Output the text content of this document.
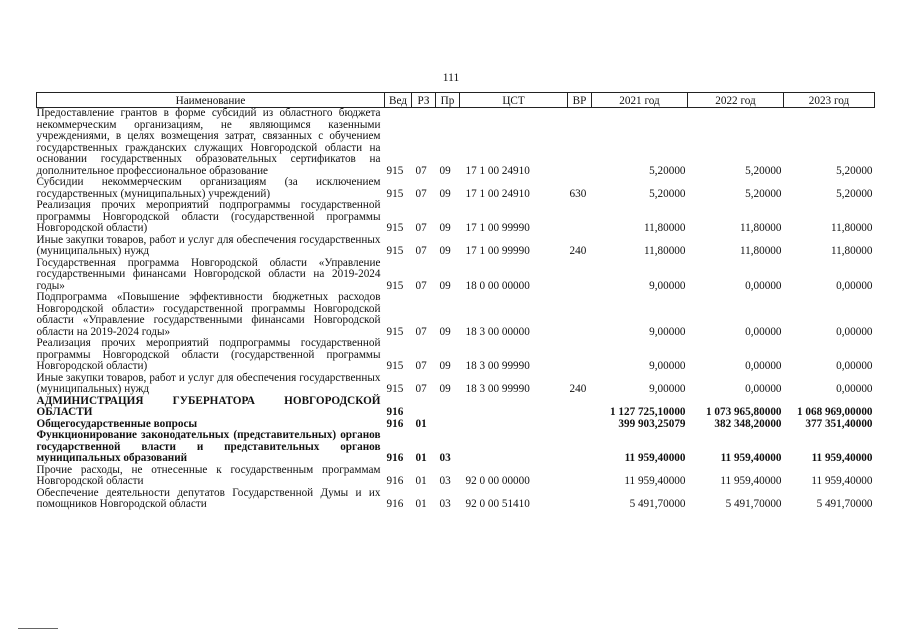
111
Наименование	Вед	РЗ	Пр	ЦСТ	ВР	2021 год	2022 год	2023 год
Предоставление грантов в форме субсидий из областного бюджета некоммерческим организациям, не являющимся казенными учреждениями, в целях возмещения затрат, связанных с обучением государственных гражданских служащих Новгородской области на основании государственных образовательных сертификатов на дополнительное профессиональное образование	915	07	09	17 1 00 24910		5,20000	5,20000	5,20000
Субсидии некоммерческим организациям (за исключением государственных (муниципальных) учреждений)	915	07	09	17 1 00 24910	630	5,20000	5,20000	5,20000
Реализация прочих мероприятий подпрограммы государственной программы Новгородской области (государственной программы Новгородской области)	915	07	09	17 1 00 99990		11,80000	11,80000	11,80000
Иные закупки товаров, работ и услуг для обеспечения государственных (муниципальных) нужд	915	07	09	17 1 00 99990	240	11,80000	11,80000	11,80000
Государственная программа Новгородской области «Управление государственными финансами Новгородской области на 2019-2024 годы»	915	07	09	18 0 00 00000		9,00000	0,00000	0,00000
Подпрограмма «Повышение эффективности бюджетных расходов Новгородской области» государственной программы Новгородской области «Управление государственными финансами Новгородской области на 2019-2024 годы»	915	07	09	18 3 00 00000		9,00000	0,00000	0,00000
Реализация прочих мероприятий подпрограммы государственной программы Новгородской области (государственной программы Новгородской области)	915	07	09	18 3 00 99990		9,00000	0,00000	0,00000
Иные закупки товаров, работ и услуг для обеспечения государственных (муниципальных) нужд	915	07	09	18 3 00 99990	240	9,00000	0,00000	0,00000
АДМИНИСТРАЦИЯ ГУБЕРНАТОРА НОВГОРОДСКОЙ ОБЛАСТИ	916					1 127 725,10000	1 073 965,80000	1 068 969,00000
Общегосударственные вопросы	916	01				399 903,25079	382 348,20000	377 351,40000
Функционирование законодательных (представительных) органов государственной власти и представительных органов муниципальных образований	916	01	03			11 959,40000	11 959,40000	11 959,40000
Прочие расходы, не отнесенные к государственным программам Новгородской области	916	01	03	92 0 00 00000		11 959,40000	11 959,40000	11 959,40000
Обеспечение деятельности депутатов Государственной Думы и их помощников Новгородской области	916	01	03	92 0 00 51410		5 491,70000	5 491,70000	5 491,70000
